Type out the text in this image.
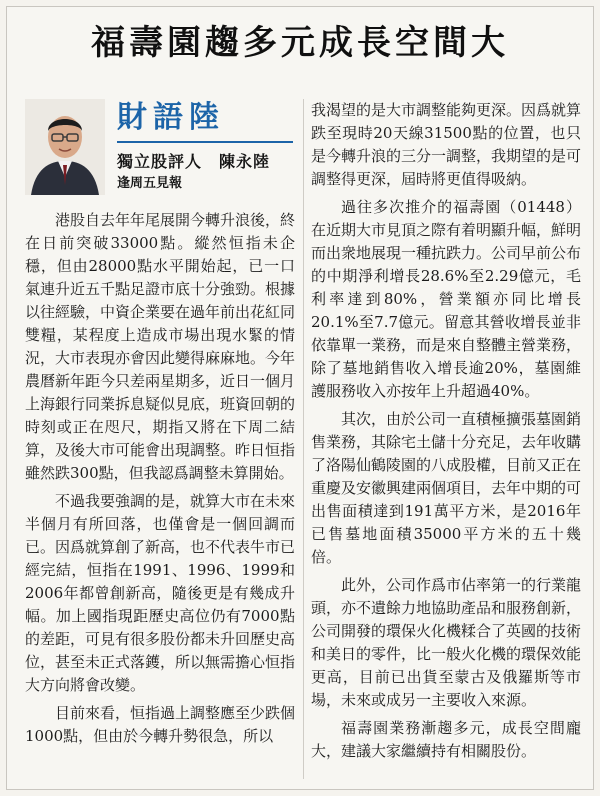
福壽園趨多元成長空間大
財語陸
獨立股評人　陳永陸
逢周五見報

港股自去年年尾展開今轉升浪後，終在日前突破33000點。縱然恒指未企穩，但由28000點水平開始起，已一口氣連升近五千點足證市底十分強勁。根據以往經驗，中資企業要在過年前出花紅同雙糧，某程度上造成市場出現水緊的情況，大市表現亦會因此變得麻麻地。今年農曆新年距今只差兩星期多，近日一個月上海銀行同業拆息疑似見底，班資回朝的時刻或正在咫尺，期指又將在下周二結算，及後大市可能會出現調整。昨日恒指雖然跌300點，但我認爲調整未算開始。

不過我要強調的是，就算大市在未來半個月有所回落，也僅會是一個回調而已。因爲就算創了新高，也不代表牛市已經完結，恒指在1991、1996、1999和2006年都曾創新高，隨後更是有幾成升幅。加上國指現距歷史高位仍有7000點的差距，可見有很多股份都未升回歷史高位，甚至未正式落鑊，所以無需擔心恒指大方向將會改變。

目前來看，恒指過上調整應至少跌個1000點，但由於今轉升勢很急，所以

我渴望的是大市調整能夠更深。因爲就算跌至現時20天線31500點的位置，也只是今轉升浪的三分一調整，我期望的是可調整得更深，屆時將更值得吸納。

過往多次推介的福壽園（01448）在近期大市見頂之際有着明顯升幅，鮮明而出衆地展現一種抗跌力。公司早前公布的中期淨利增長28.6%至2.29億元，毛利率達到80%，營業額亦同比增長20.1%至7.7億元。留意其營收增長並非依靠單一業務，而是來自整體主營業務，除了墓地銷售收入增長逾20%，墓園維護服務收入亦按年上升超過40%。

其次，由於公司一直積極擴張墓園銷售業務，其除宅土儲十分充足，去年收購了洛陽仙鶴陵園的八成股權，目前又正在重慶及安徽興建兩個項目，去年中期的可出售面積達到191萬平方米，是2016年已售墓地面積35000平方米的五十幾倍。

此外，公司作爲市佔率第一的行業龍頭，亦不遺餘力地協助產品和服務創新，公司開發的環保火化機糅合了英國的技術和美日的零件，比一般火化機的環保效能更高，目前已出貨至蒙古及俄羅斯等市場，未來或成另一主要收入來源。

福壽園業務漸趨多元，成長空間龐大，建議大家繼續持有相關股份。
